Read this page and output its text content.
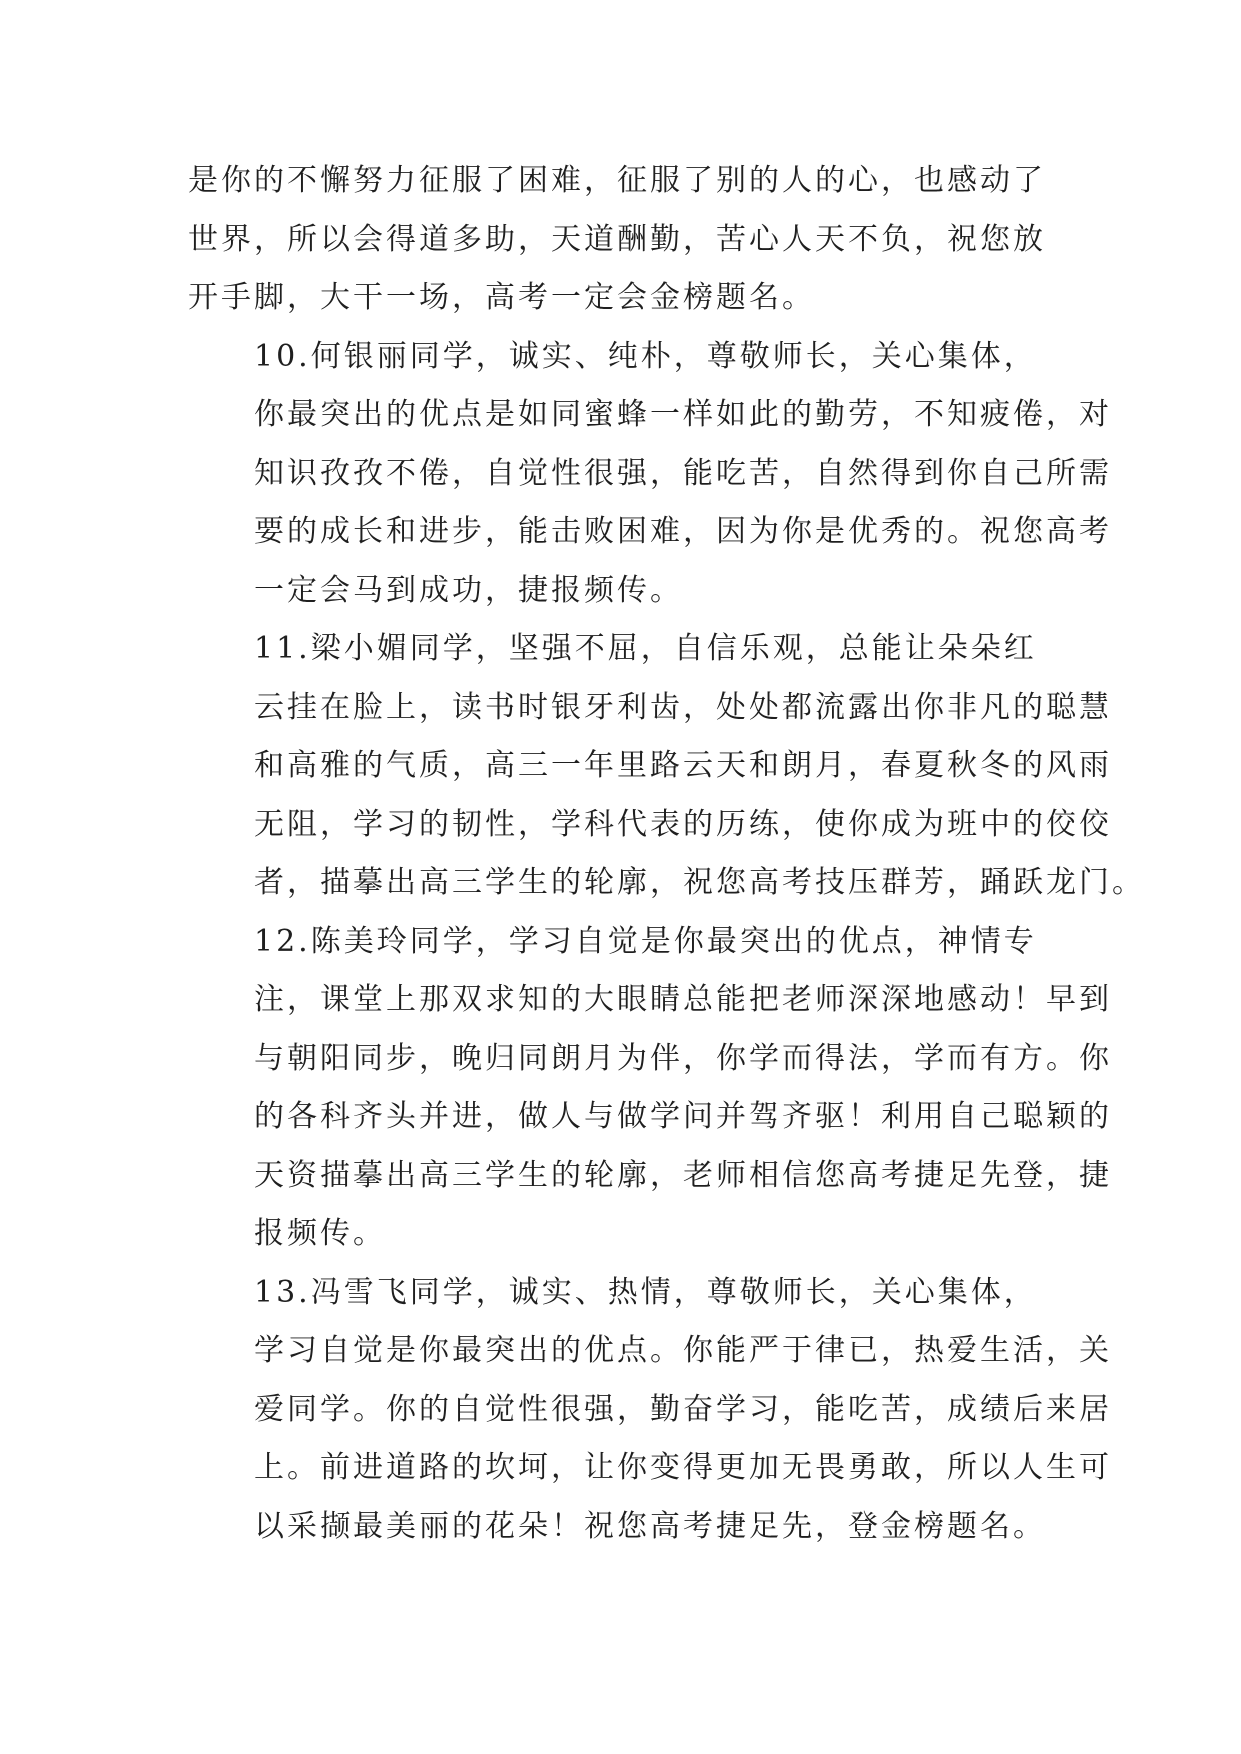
是你的不懈努力征服了困难，征服了别的人的心，也感动了
世界，所以会得道多助，天道酬勤，苦心人天不负，祝您放
开手脚，大干一场，高考一定会金榜题名。

10.何银丽同学，诚实、纯朴，尊敬师长，关心集体，
你最突出的优点是如同蜜蜂一样如此的勤劳，不知疲倦，对
知识孜孜不倦，自觉性很强，能吃苦，自然得到你自己所需
要的成长和进步，能击败困难，因为你是优秀的。祝您高考
一定会马到成功，捷报频传。

11.梁小媚同学，坚强不屈，自信乐观，总能让朵朵红
云挂在脸上，读书时银牙利齿，处处都流露出你非凡的聪慧
和高雅的气质，高三一年里路云天和朗月，春夏秋冬的风雨
无阻，学习的韧性，学科代表的历练，使你成为班中的佼佼
者，描摹出高三学生的轮廓，祝您高考技压群芳，踊跃龙门。

12.陈美玲同学，学习自觉是你最突出的优点，神情专
注，课堂上那双求知的大眼睛总能把老师深深地感动！早到
与朝阳同步，晚归同朗月为伴，你学而得法，学而有方。你
的各科齐头并进，做人与做学问并驾齐驱！利用自己聪颖的
天资描摹出高三学生的轮廓，老师相信您高考捷足先登，捷
报频传。

13.冯雪飞同学，诚实、热情，尊敬师长，关心集体，
学习自觉是你最突出的优点。你能严于律已，热爱生活，关
爱同学。你的自觉性很强，勤奋学习，能吃苦，成绩后来居
上。前进道路的坎坷，让你变得更加无畏勇敢，所以人生可
以采撷最美丽的花朵！祝您高考捷足先，登金榜题名。
